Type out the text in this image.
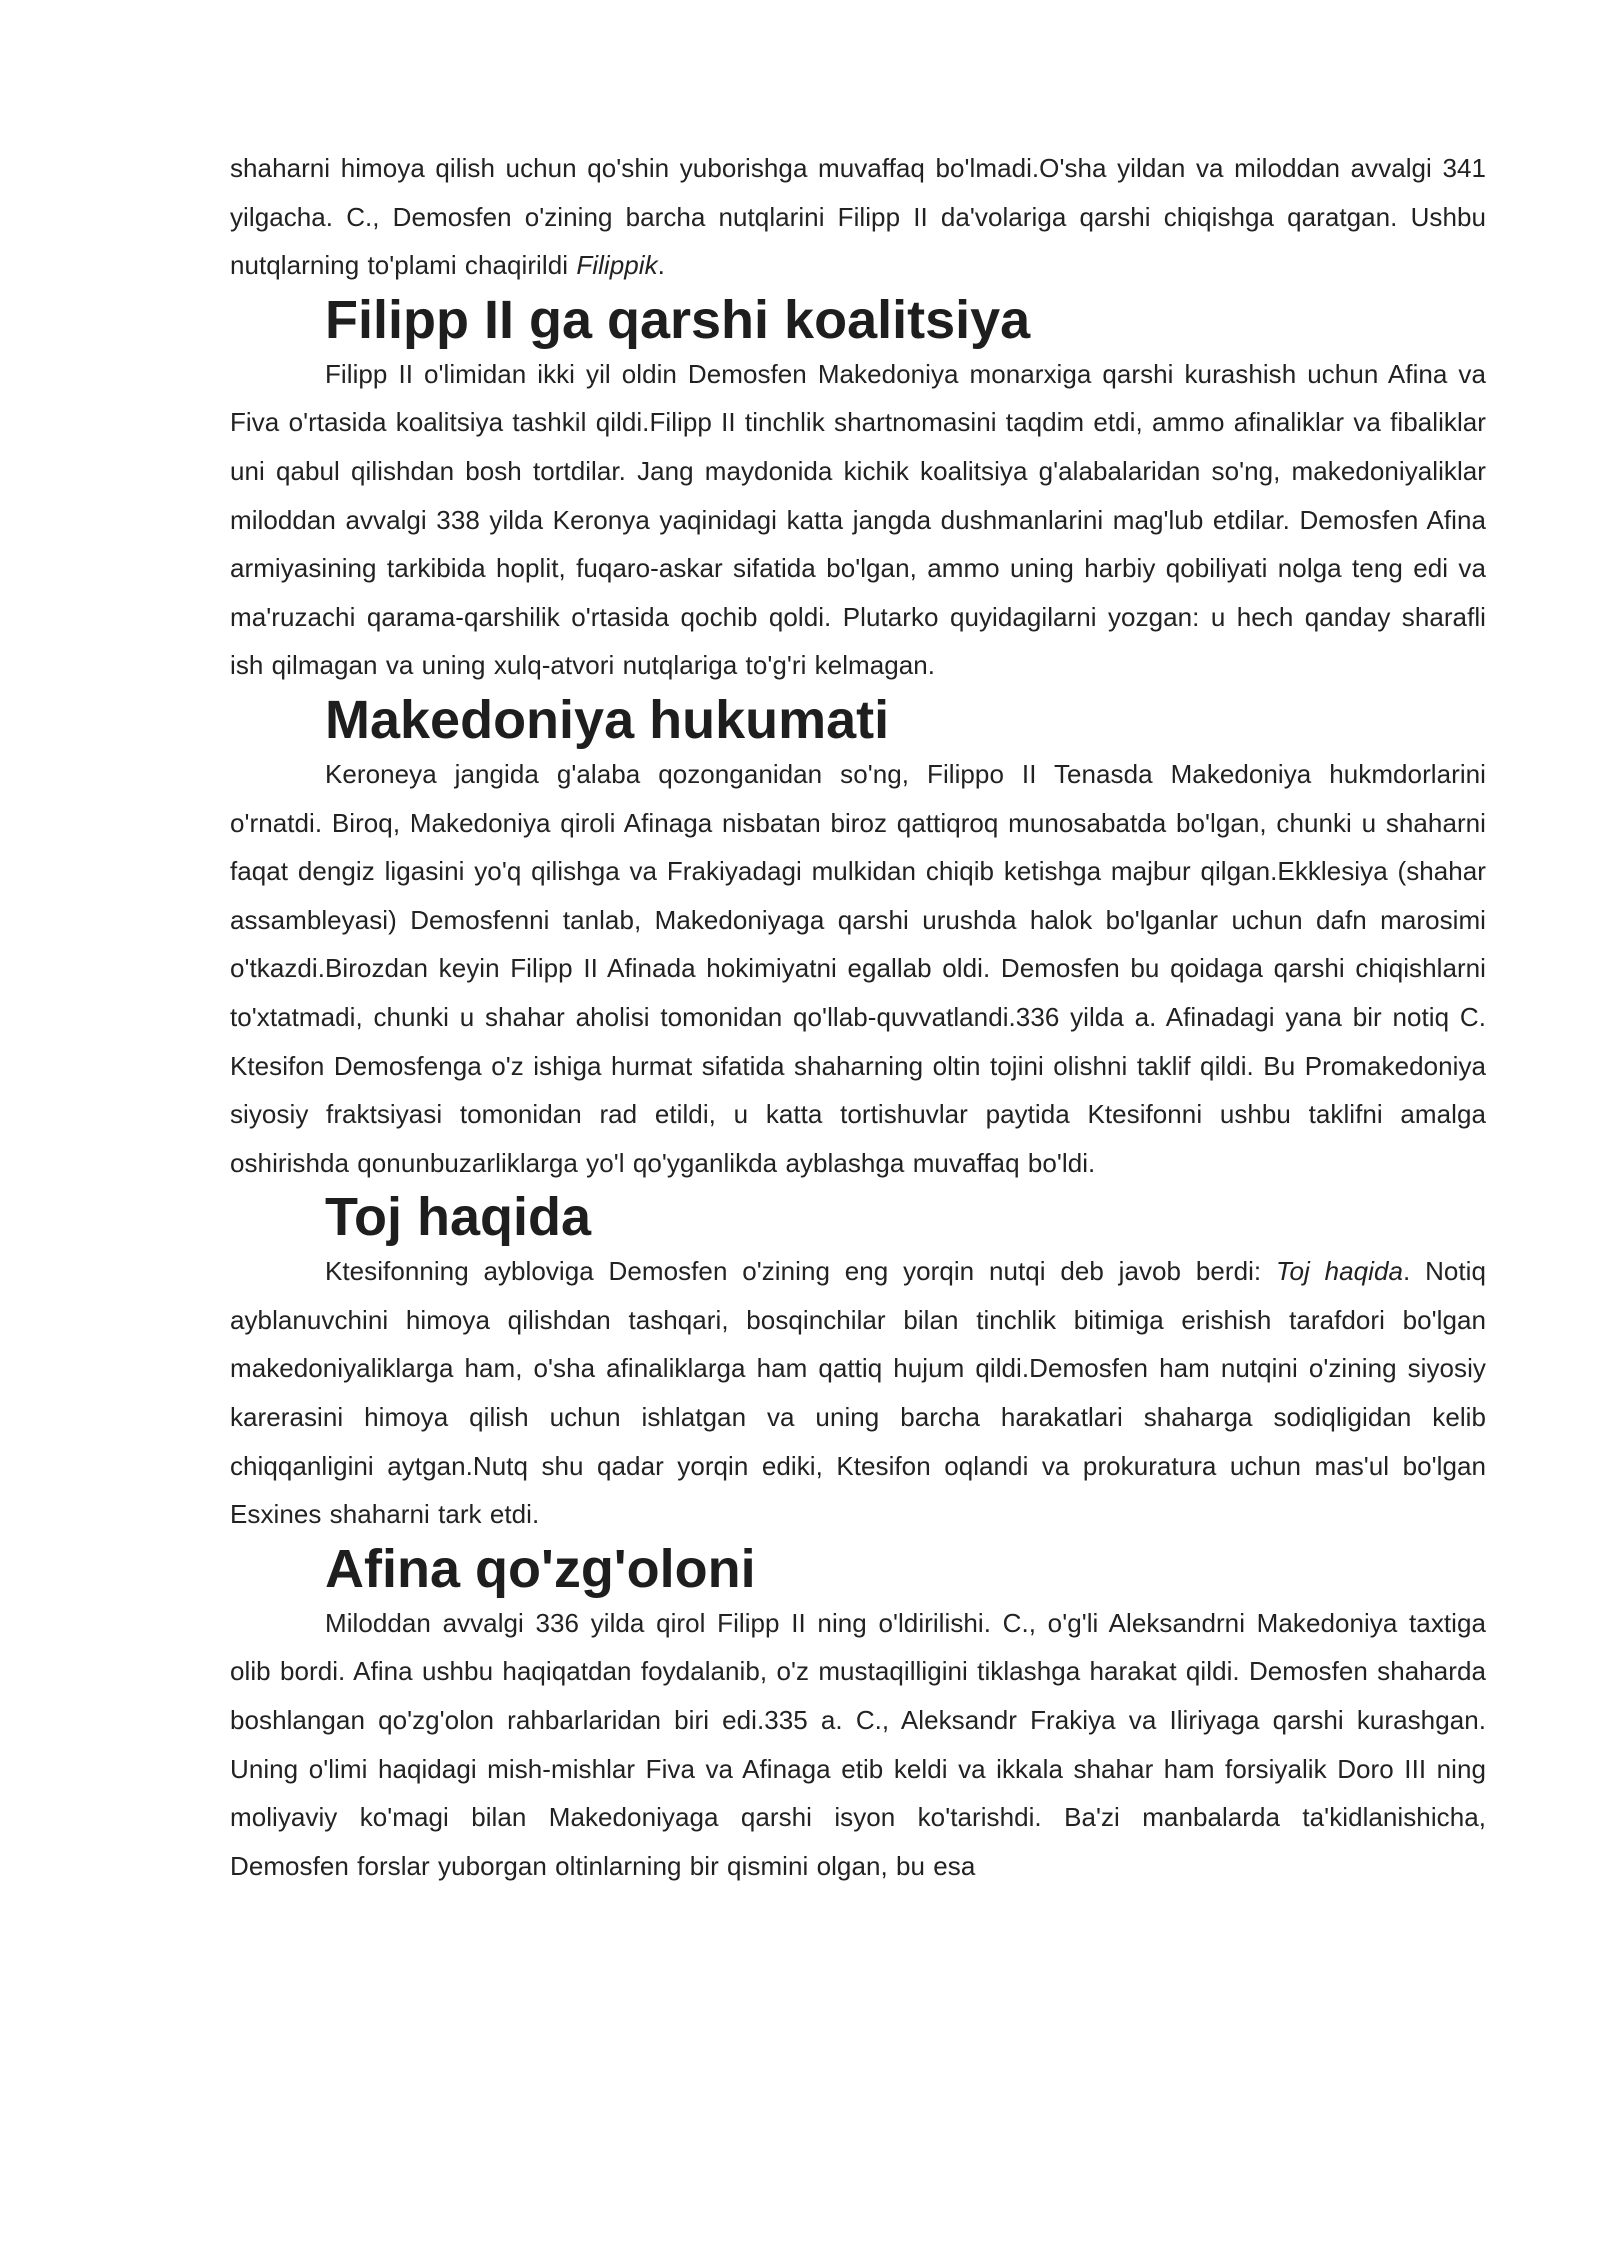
shaharni himoya qilish uchun qo'shin yuborishga muvaffaq bo'lmadi.O'sha yildan va miloddan avvalgi 341 yilgacha. C., Demosfen o'zining barcha nutqlarini Filipp II da'volariga qarshi chiqishga qaratgan. Ushbu nutqlarning to'plami chaqirildi Filippik.

Filipp II ga qarshi koalitsiya

Filipp II o'limidan ikki yil oldin Demosfen Makedoniya monarxiga qarshi kurashish uchun Afina va Fiva o'rtasida koalitsiya tashkil qildi.Filipp II tinchlik shartnomasini taqdim etdi, ammo afinaliklar va fibaliklar uni qabul qilishdan bosh tortdilar. Jang maydonida kichik koalitsiya g'alabalaridan so'ng, makedoniyaliklar miloddan avvalgi 338 yilda Keronya yaqinidagi katta jangda dushmanlarini mag'lub etdilar. Demosfen Afina armiyasining tarkibida hoplit, fuqaro-askar sifatida bo'lgan, ammo uning harbiy qobiliyati nolga teng edi va ma'ruzachi qarama-qarshilik o'rtasida qochib qoldi. Plutarko quyidagilarni yozgan: u hech qanday sharafli ish qilmagan va uning xulq-atvori nutqlariga to'g'ri kelmagan.

Makedoniya hukumati

Keroneya jangida g'alaba qozonganidan so'ng, Filippo II Tenasda Makedoniya hukmdorlarini o'rnatdi. Biroq, Makedoniya qiroli Afinaga nisbatan biroz qattiqroq munosabatda bo'lgan, chunki u shaharni faqat dengiz ligasini yo'q qilishga va Frakiyadagi mulkidan chiqib ketishga majbur qilgan.Ekklesiya (shahar assambleyasi) Demosfenni tanlab, Makedoniyaga qarshi urushda halok bo'lganlar uchun dafn marosimi o'tkazdi.Birozdan keyin Filipp II Afinada hokimiyatni egallab oldi. Demosfen bu qoidaga qarshi chiqishlarni to'xtatmadi, chunki u shahar aholisi tomonidan qo'llab-quvvatlandi.336 yilda a. Afinadagi yana bir notiq C. Ktesifon Demosfenga o'z ishiga hurmat sifatida shaharning oltin tojini olishni taklif qildi. Bu Promakedoniya siyosiy fraktsiyasi tomonidan rad etildi, u katta tortishuvlar paytida Ktesifonni ushbu taklifni amalga oshirishda qonunbuzarliklarga yo'l qo'yganlikda ayblashga muvaffaq bo'ldi.

Toj haqida

Ktesifonning aybloviga Demosfen o'zining eng yorqin nutqi deb javob berdi: Toj haqida. Notiq ayblanuvchini himoya qilishdan tashqari, bosqinchilar bilan tinchlik bitimiga erishish tarafdori bo'lgan makedoniyaliklarga ham, o'sha afinaliklarga ham qattiq hujum qildi.Demosfen ham nutqini o'zining siyosiy karerasini himoya qilish uchun ishlatgan va uning barcha harakatlari shaharga sodiqligidan kelib chiqqanligini aytgan.Nutq shu qadar yorqin ediki, Ktesifon oqlandi va prokuratura uchun mas'ul bo'lgan Esxines shaharni tark etdi.

Afina qo'zg'oloni

Miloddan avvalgi 336 yilda qirol Filipp II ning o'ldirilishi. C., o'g'li Aleksandrni Makedoniya taxtiga olib bordi. Afina ushbu haqiqatdan foydalanib, o'z mustaqilligini tiklashga harakat qildi. Demosfen shaharda boshlangan qo'zg'olon rahbarlaridan biri edi.335 a. C., Aleksandr Frakiya va Iliriyaga qarshi kurashgan. Uning o'limi haqidagi mish-mishlar Fiva va Afinaga etib keldi va ikkala shahar ham forsiyalik Doro III ning moliyaviy ko'magi bilan Makedoniyaga qarshi isyon ko'tarishdi. Ba'zi manbalarda ta'kidlanishicha, Demosfen forslar yuborgan oltinlarning bir qismini olgan, bu esa
